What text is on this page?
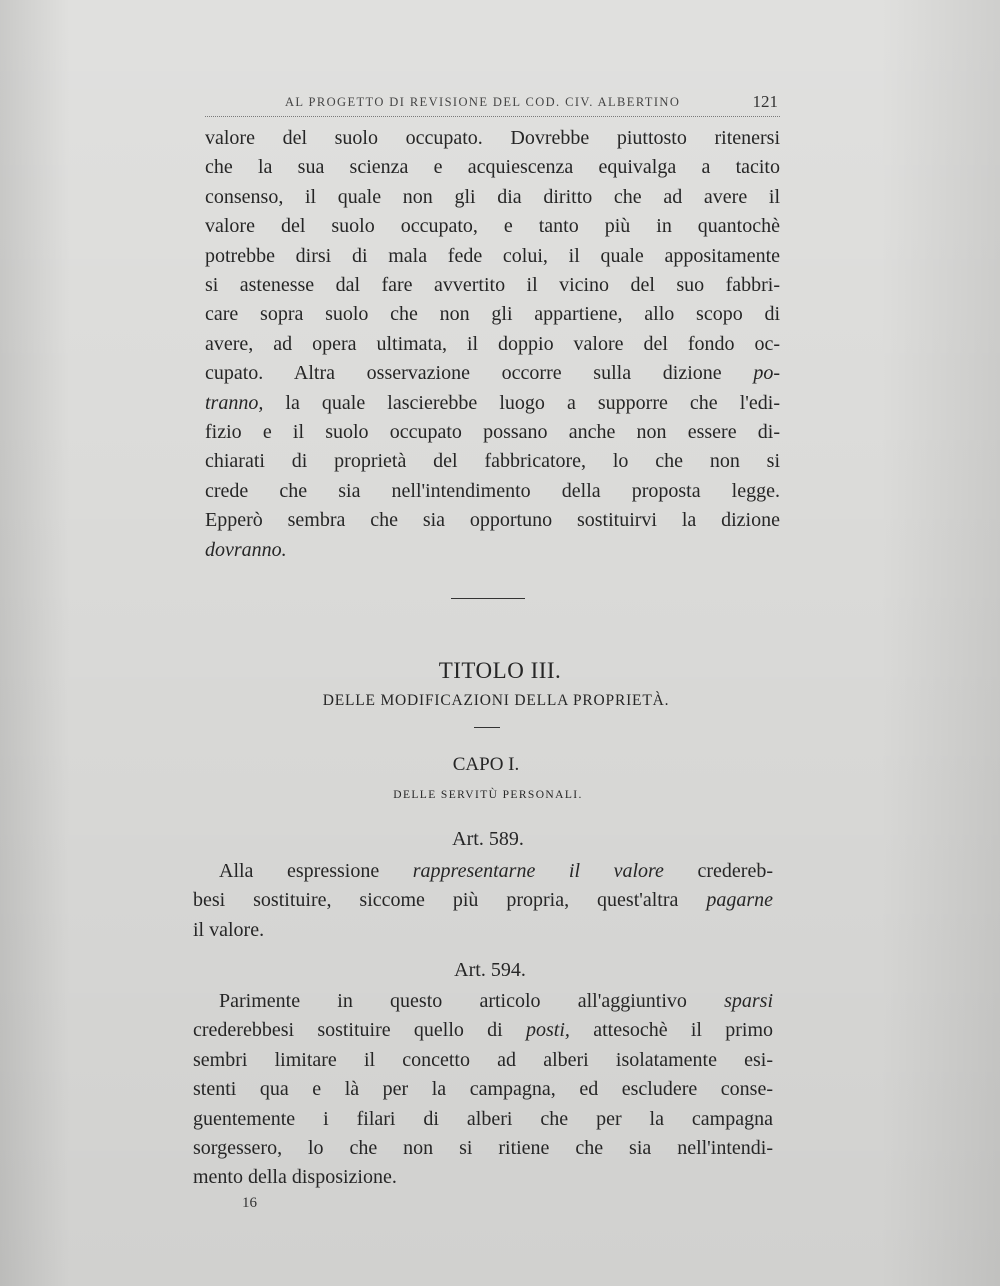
AL PROGETTO DI REVISIONE DEL COD. CIV. ALBERTINO	121
valore del suolo occupato. Dovrebbe piuttosto ritenersi
che la sua scienza e acquiescenza equivalga a tacito
consenso, il quale non gli dia diritto che ad avere il
valore del suolo occupato, e tanto più in quantochè
potrebbe dirsi di mala fede colui, il quale appositamente
si astenesse dal fare avvertito il vicino del suo fabbri-
care sopra suolo che non gli appartiene, allo scopo di
avere, ad opera ultimata, il doppio valore del fondo oc-
cupato. Altra osservazione occorre sulla dizione po-
tranno, la quale lascierebbe luogo a supporre che l'edi-
fizio e il suolo occupato possano anche non essere di-
chiarati di proprietà del fabbricatore, lo che non si
crede che sia nell'intendimento della proposta legge.
Epperò sembra che sia opportuno sostituirvi la dizione
dovranno.
TITOLO III.
DELLE MODIFICAZIONI DELLA PROPRIETÀ.
CAPO I.
DELLE SERVITÙ PERSONALI.
Art. 589.
Alla espressione rappresentarne il valore credereb-
besi sostituire, siccome più propria, quest'altra pagarne
il valore.
Art. 594.
Parimente in questo articolo all'aggiuntivo sparsi
crederebbesi sostituire quello di posti, attesochè il primo
sembri limitare il concetto ad alberi isolatamente esi-
stenti qua e là per la campagna, ed escludere conse-
guentemente i filari di alberi che per la campagna
sorgessero, lo che non si ritiene che sia nell'intendi-
mento della disposizione.
16
